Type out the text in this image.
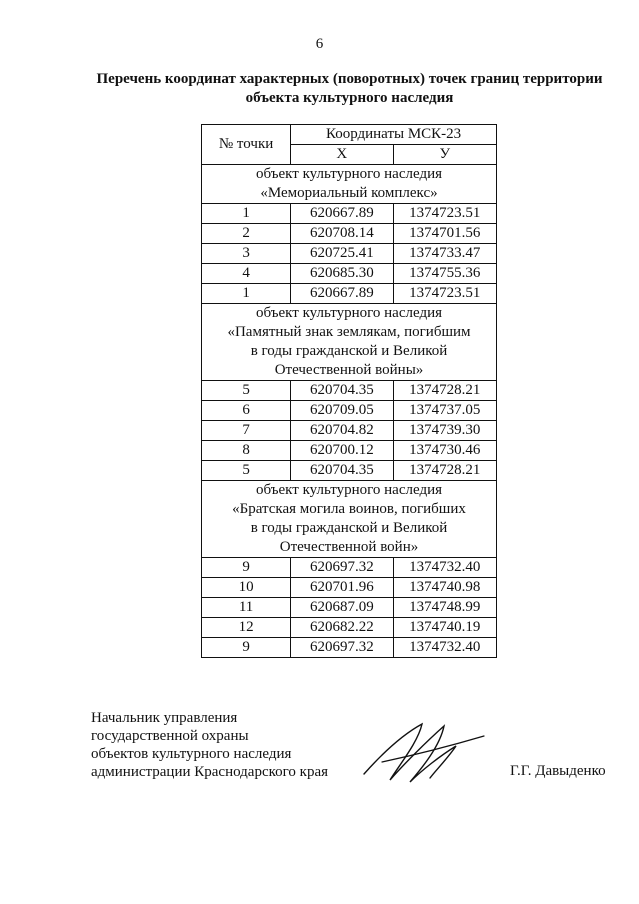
6
Перечень координат характерных (поворотных) точек границ территории
объекта культурного наследия
№ точки	Координаты МСК-23	
	X	У

объект культурного наследия
«Мемориальный комплекс»		

1	620667.89	1374723.51
2	620708.14	1374701.56
3	620725.41	1374733.47
4	620685.30	1374755.36
1	620667.89	1374723.51

объект культурного наследия
«Памятный знак землякам, погибшим
в годы гражданской и Великой
Отечественной войны»		

5	620704.35	1374728.21
6	620709.05	1374737.05
7	620704.82	1374739.30
8	620700.12	1374730.46
5	620704.35	1374728.21

объект культурного наследия
«Братская могила воинов, погибших
в годы гражданской и Великой
Отечественной войн»		

9	620697.32	1374732.40
10	620701.96	1374740.98
11	620687.09	1374748.99
12	620682.22	1374740.19
9	620697.32	1374732.40
Начальник управления
государственной охраны
объектов культурного наследия
администрации Краснодарского края	Г.Г. Давыденко
